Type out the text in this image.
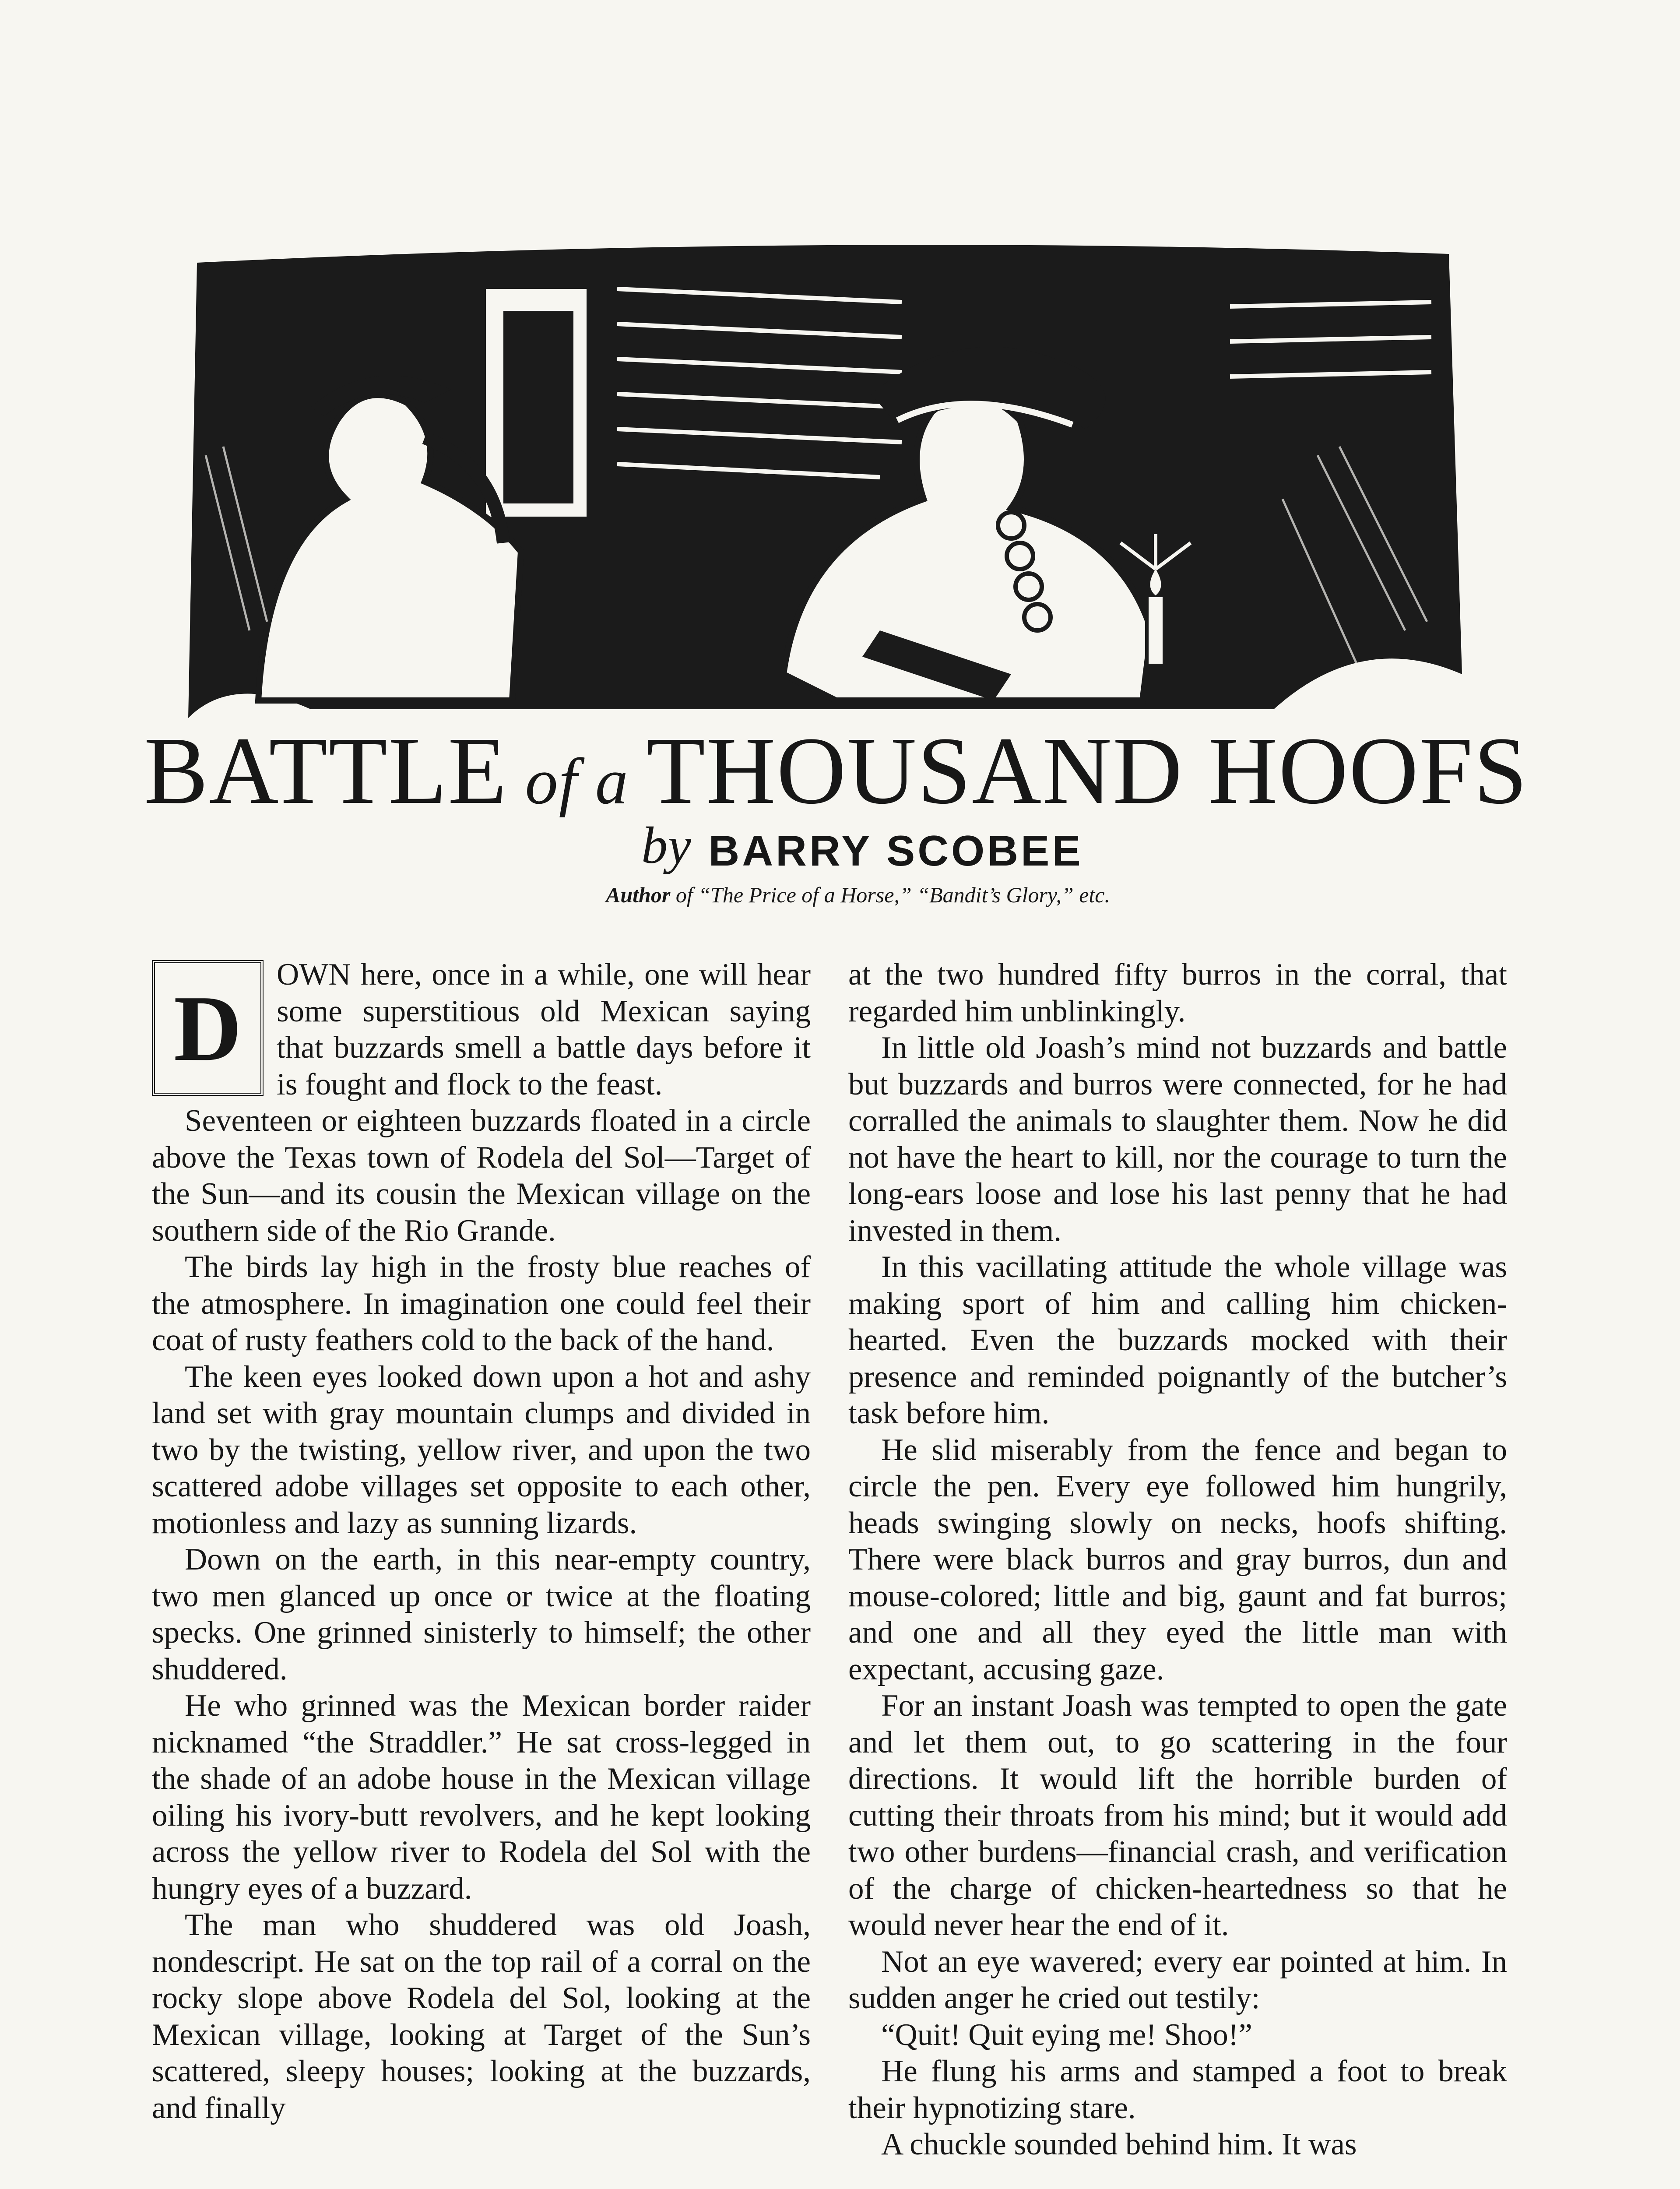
BATTLE of a THOUSAND HOOFS
by BARRY SCOBEE
Author of “The Price of a Horse,” “Bandit’s Glory,” etc.
D

OWN here, once in a while, one will hear some superstitious old Mexican saying that buzzards smell a battle days before it is fought and flock to the feast.

Seventeen or eighteen buzzards floated in a circle above the Texas town of Rodela del Sol—Target of the Sun—and its cousin the Mexican village on the southern side of the Rio Grande.

The birds lay high in the frosty blue reaches of the atmosphere. In imagination one could feel their coat of rusty feathers cold to the back of the hand.

The keen eyes looked down upon a hot and ashy land set with gray mountain clumps and divided in two by the twisting, yellow river, and upon the two scattered adobe villages set opposite to each other, motionless and lazy as sunning lizards.

Down on the earth, in this near-empty country, two men glanced up once or twice at the floating specks. One grinned sinisterly to himself; the other shuddered.

He who grinned was the Mexican border raider nicknamed “the Straddler.” He sat cross-legged in the shade of an adobe house in the Mexican village oiling his ivory-butt revolvers, and he kept looking across the yellow river to Rodela del Sol with the hungry eyes of a buzzard.

The man who shuddered was old Joash, nondescript. He sat on the top rail of a corral on the rocky slope above Rodela del Sol, looking at the Mexican village, looking at Target of the Sun’s scattered, sleepy houses; looking at the buzzards, and finally

at the two hundred fifty burros in the corral, that regarded him unblinkingly.

In little old Joash’s mind not buzzards and battle but buzzards and burros were connected, for he had corralled the animals to slaughter them. Now he did not have the heart to kill, nor the courage to turn the long-ears loose and lose his last penny that he had invested in them.

In this vacillating attitude the whole village was making sport of him and calling him chicken-hearted. Even the buzzards mocked with their presence and reminded poignantly of the butcher’s task before him.

He slid miserably from the fence and began to circle the pen. Every eye followed him hungrily, heads swinging slowly on necks, hoofs shifting. There were black burros and gray burros, dun and mouse-colored; little and big, gaunt and fat burros; and one and all they eyed the little man with expectant, accusing gaze.

For an instant Joash was tempted to open the gate and let them out, to go scattering in the four directions. It would lift the horrible burden of cutting their throats from his mind; but it would add two other burdens—financial crash, and verification of the charge of chicken-heartedness so that he would never hear the end of it.

Not an eye wavered; every ear pointed at him. In sudden anger he cried out testily:

“Quit! Quit eying me! Shoo!”

He flung his arms and stamped a foot to break their hypnotizing stare.

A chuckle sounded behind him. It was
